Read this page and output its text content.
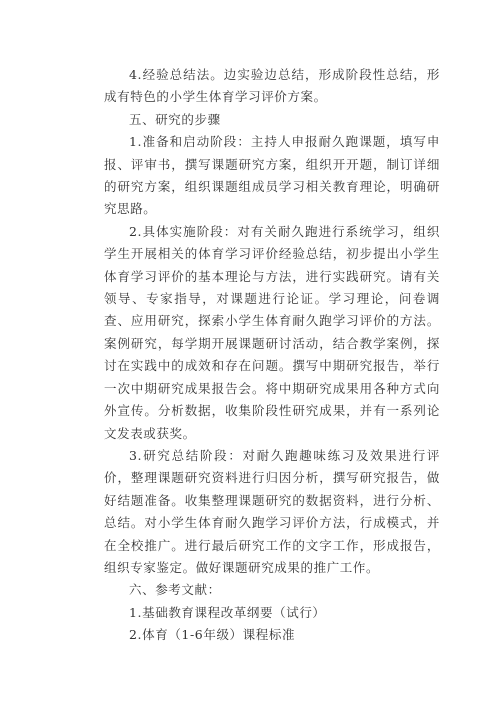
4.经验总结法。边实验边总结，形成阶段性总结，形成有特色的小学生体育学习评价方案。

五、研究的步骤

1.准备和启动阶段：主持人申报耐久跑课题，填写申报、评审书，撰写课题研究方案，组织开开题，制订详细的研究方案，组织课题组成员学习相关教育理论，明确研究思路。

2.具体实施阶段：对有关耐久跑进行系统学习，组织学生开展相关的体育学习评价经验总结，初步提出小学生体育学习评价的基本理论与方法，进行实践研究。请有关领导、专家指导，对课题进行论证。学习理论，问卷调查、应用研究，探索小学生体育耐久跑学习评价的方法。案例研究，每学期开展课题研讨活动，结合教学案例，探讨在实践中的成效和存在问题。撰写中期研究报告，举行一次中期研究成果报告会。将中期研究成果用各种方式向外宣传。分析数据，收集阶段性研究成果，并有一系列论文发表或获奖。

3.研究总结阶段：对耐久跑趣味练习及效果进行评价，整理课题研究资料进行归因分析，撰写研究报告，做好结题准备。收集整理课题研究的数据资料，进行分析、总结。对小学生体育耐久跑学习评价方法，行成模式，并在全校推广。进行最后研究工作的文字工作，形成报告，组织专家鉴定。做好课题研究成果的推广工作。

六、参考文献：

1.基础教育课程改革纲要（试行）

2.体育（1-6年级）课程标准
